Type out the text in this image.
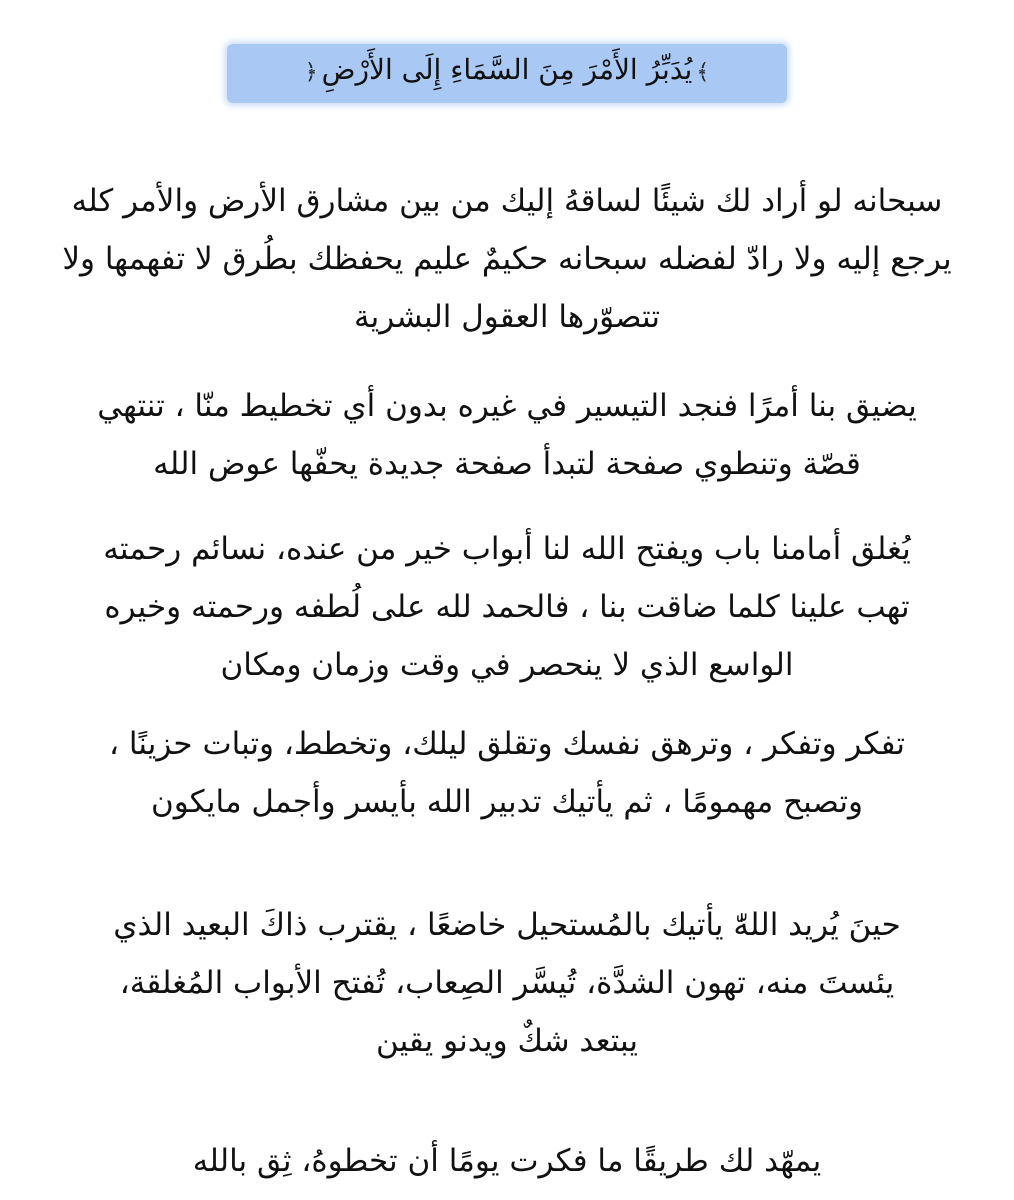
﴾يُدَبِّرُ الأَمْرَ مِنَ السَّمَاءِ إِلَى الأَرْضِ﴿
سبحانه لو أراد لك شيئًا لساقهُ إليك من بين مشارق الأرض والأمر كله
يرجع إليه ولا رادّ لفضله سبحانه حكيمٌ عليم يحفظك بطُرق لا تفهمها ولا
تتصوّرها العقول البشرية
يضيق بنا أمرًا فنجد التيسير في غيره بدون أي تخطيط منّا ، تنتهي
قصّة وتنطوي صفحة لتبدأ صفحة جديدة يحفّها عوض الله
يُغلق أمامنا باب ويفتح الله لنا أبواب خير من عنده، نسائم رحمته
تهب علينا كلما ضاقت بنا ، فالحمد لله على لُطفه ورحمته وخيره
الواسع الذي لا ينحصر في وقت وزمان ومكان
تفكر وتفكر ، وترهق نفسك وتقلق ليلك، وتخطط، وتبات حزينًا ،
وتصبح مهمومًا ، ثم يأتيك تدبير الله بأيسر وأجمل مايكون
حينَ يُريد اللهّٰ يأتيك بالمُستحيل خاضعًا ، يقترب ذاكَ البعيد الذي
يئستَ منه، تهون الشدَّة، تُيسَّر الصِعاب، تُفتح الأبواب المُغلقة،
يبتعد شكٌ ويدنو يقين
يمهّد لك طريقًا ما فكرت يومًا أن تخطوهُ، ثِق بالله
